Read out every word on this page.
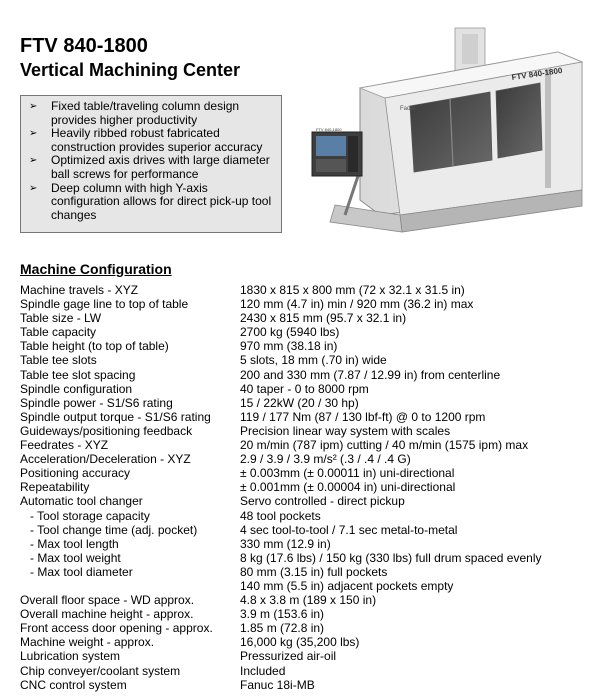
FTV 840-1800
Vertical Machining Center
➢ Fixed table/traveling column design provides higher productivity
➢ Heavily ribbed robust fabricated construction provides superior accuracy
➢ Optimized axis drives with large diameter ball screws for performance
➢ Deep column with high Y-axis configuration allows for direct pick-up tool changes
Fadal
FTV 840-1800
FTV 840-1800
Machine Configuration
Machine travels - XYZ	1830 x 815 x 800 mm (72 x 32.1 x 31.5 in)
Spindle gage line to top of table	120 mm (4.7 in) min / 920 mm (36.2 in) max
Table size - LW	2430 x 815 mm (95.7 x 32.1 in)
Table capacity	2700 kg (5940 lbs)
Table height (to top of table)	970 mm (38.18 in)
Table tee slots	5 slots, 18 mm (.70 in) wide
Table tee slot spacing	200 and 330 mm (7.87 / 12.99 in) from centerline
Spindle configuration	40 taper - 0 to 8000 rpm
Spindle power - S1/S6 rating	15 / 22kW (20 / 30 hp)
Spindle output torque - S1/S6 rating	119 / 177 Nm (87 / 130 lbf-ft) @ 0 to 1200 rpm
Guideways/positioning feedback	Precision linear way system with scales
Feedrates - XYZ	20 m/min (787 ipm) cutting / 40 m/min (1575 ipm) max
Acceleration/Deceleration - XYZ	2.9 / 3.9 / 3.9 m/s² (.3 / .4 / .4 G)
Positioning accuracy	± 0.003mm (± 0.00011 in) uni-directional
Repeatability	± 0.001mm (± 0.00004 in) uni-directional
Automatic tool changer	Servo controlled - direct pickup
- Tool storage capacity	48 tool pockets
- Tool change time (adj. pocket)	4 sec tool-to-tool / 7.1 sec metal-to-metal
- Max tool length	330 mm (12.9 in)
- Max tool weight	8 kg (17.6 lbs) / 150 kg (330 lbs) full drum spaced evenly
- Max tool diameter	80 mm (3.15 in) full pockets
140 mm (5.5 in) adjacent pockets empty
Overall floor space - WD approx.	4.8 x 3.8 m (189 x 150 in)
Overall machine height - approx.	3.9 m (153.6 in)
Front access door opening - approx.	1.85 m (72.8 in)
Machine weight - approx.	16,000 kg (35,200 lbs)
Lubrication system	Pressurized air-oil
Chip conveyer/coolant system	Included
CNC control system	Fanuc 18i-MB
